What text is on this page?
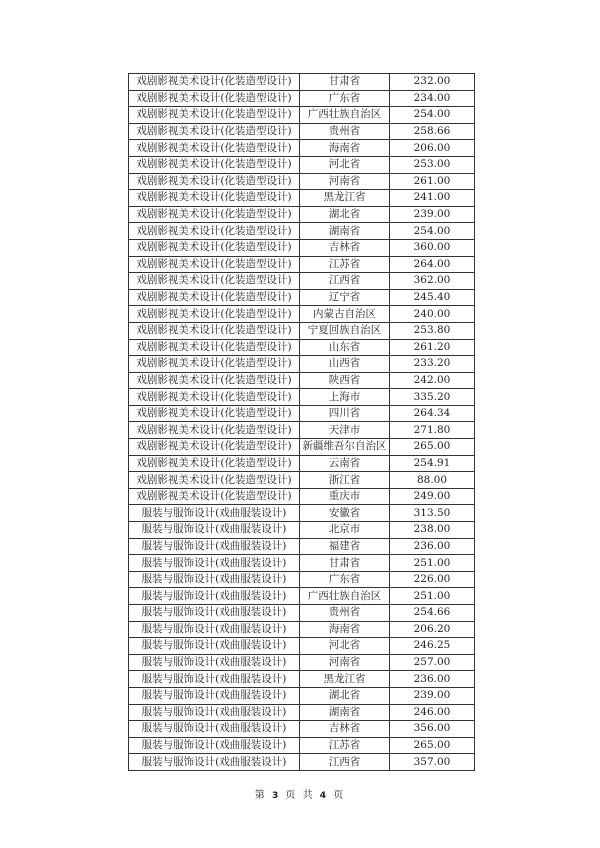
戏剧影视美术设计(化装造型设计)	甘肃省	232.00
戏剧影视美术设计(化装造型设计)	广东省	234.00
戏剧影视美术设计(化装造型设计)	广西壮族自治区	254.00
戏剧影视美术设计(化装造型设计)	贵州省	258.66
戏剧影视美术设计(化装造型设计)	海南省	206.00
戏剧影视美术设计(化装造型设计)	河北省	253.00
戏剧影视美术设计(化装造型设计)	河南省	261.00
戏剧影视美术设计(化装造型设计)	黑龙江省	241.00
戏剧影视美术设计(化装造型设计)	湖北省	239.00
戏剧影视美术设计(化装造型设计)	湖南省	254.00
戏剧影视美术设计(化装造型设计)	吉林省	360.00
戏剧影视美术设计(化装造型设计)	江苏省	264.00
戏剧影视美术设计(化装造型设计)	江西省	362.00
戏剧影视美术设计(化装造型设计)	辽宁省	245.40
戏剧影视美术设计(化装造型设计)	内蒙古自治区	240.00
戏剧影视美术设计(化装造型设计)	宁夏回族自治区	253.80
戏剧影视美术设计(化装造型设计)	山东省	261.20
戏剧影视美术设计(化装造型设计)	山西省	233.20
戏剧影视美术设计(化装造型设计)	陕西省	242.00
戏剧影视美术设计(化装造型设计)	上海市	335.20
戏剧影视美术设计(化装造型设计)	四川省	264.34
戏剧影视美术设计(化装造型设计)	天津市	271.80
戏剧影视美术设计(化装造型设计)	新疆维吾尔自治区	265.00
戏剧影视美术设计(化装造型设计)	云南省	254.91
戏剧影视美术设计(化装造型设计)	浙江省	88.00
戏剧影视美术设计(化装造型设计)	重庆市	249.00
服装与服饰设计(戏曲服装设计)	安徽省	313.50
服装与服饰设计(戏曲服装设计)	北京市	238.00
服装与服饰设计(戏曲服装设计)	福建省	236.00
服装与服饰设计(戏曲服装设计)	甘肃省	251.00
服装与服饰设计(戏曲服装设计)	广东省	226.00
服装与服饰设计(戏曲服装设计)	广西壮族自治区	251.00
服装与服饰设计(戏曲服装设计)	贵州省	254.66
服装与服饰设计(戏曲服装设计)	海南省	206.20
服装与服饰设计(戏曲服装设计)	河北省	246.25
服装与服饰设计(戏曲服装设计)	河南省	257.00
服装与服饰设计(戏曲服装设计)	黑龙江省	236.00
服装与服饰设计(戏曲服装设计)	湖北省	239.00
服装与服饰设计(戏曲服装设计)	湖南省	246.00
服装与服饰设计(戏曲服装设计)	吉林省	356.00
服装与服饰设计(戏曲服装设计)	江苏省	265.00
服装与服饰设计(戏曲服装设计)	江西省	357.00
第 3 页 共 4 页
